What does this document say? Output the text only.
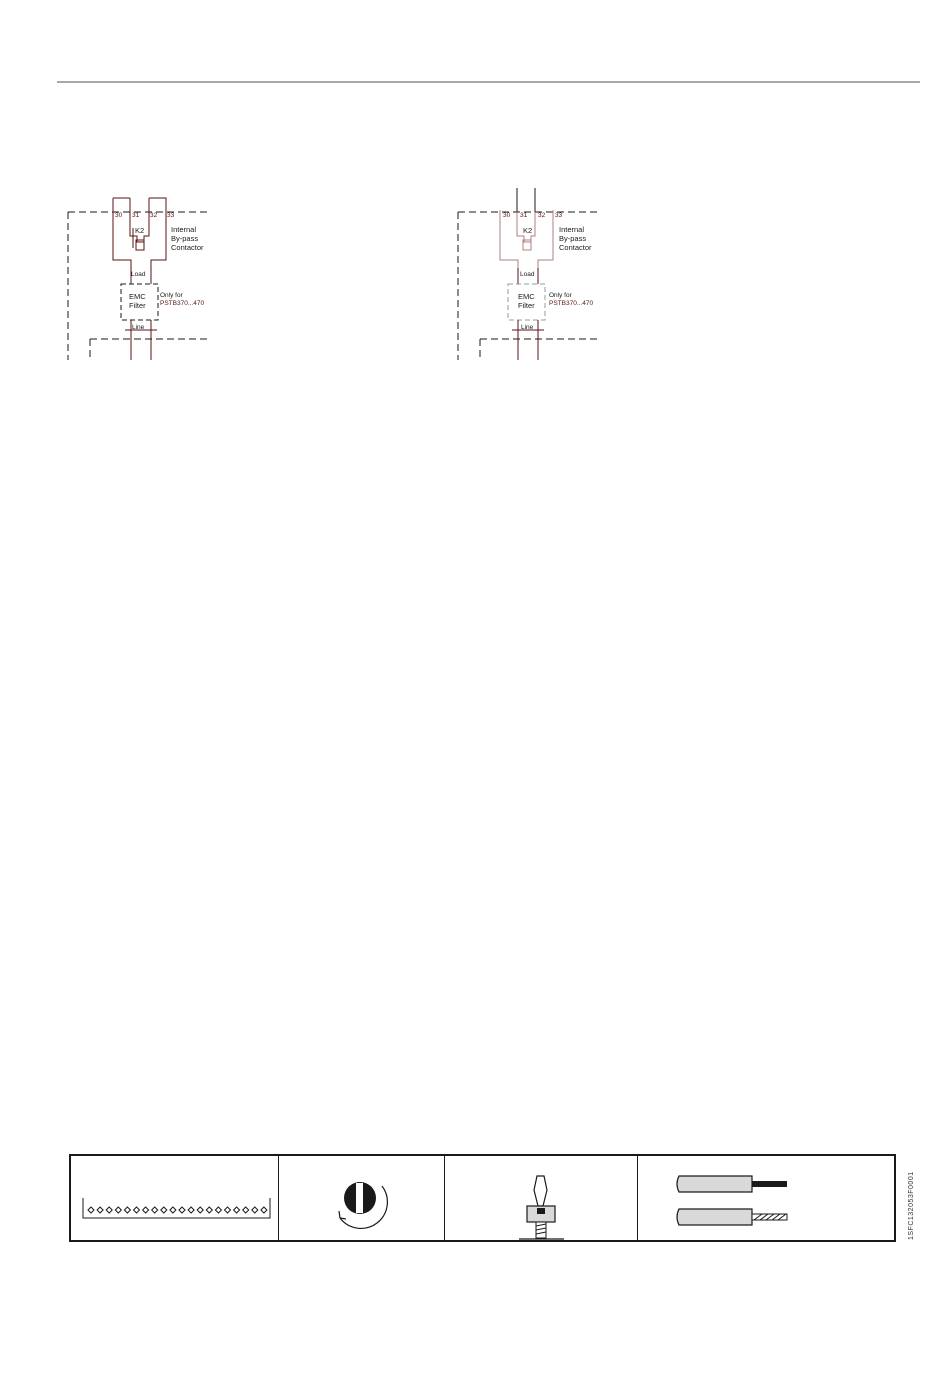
30 31 32 33
K2	Internal
By-pass
Contactor
Load
EMC
Filter
Only for
PSTB370...470
Line
30 31 32 33
K2	Internal
By-pass
Contactor
Load
EMC
Filter
Only for
PSTB370...470
Line
1SFC132053F0001
